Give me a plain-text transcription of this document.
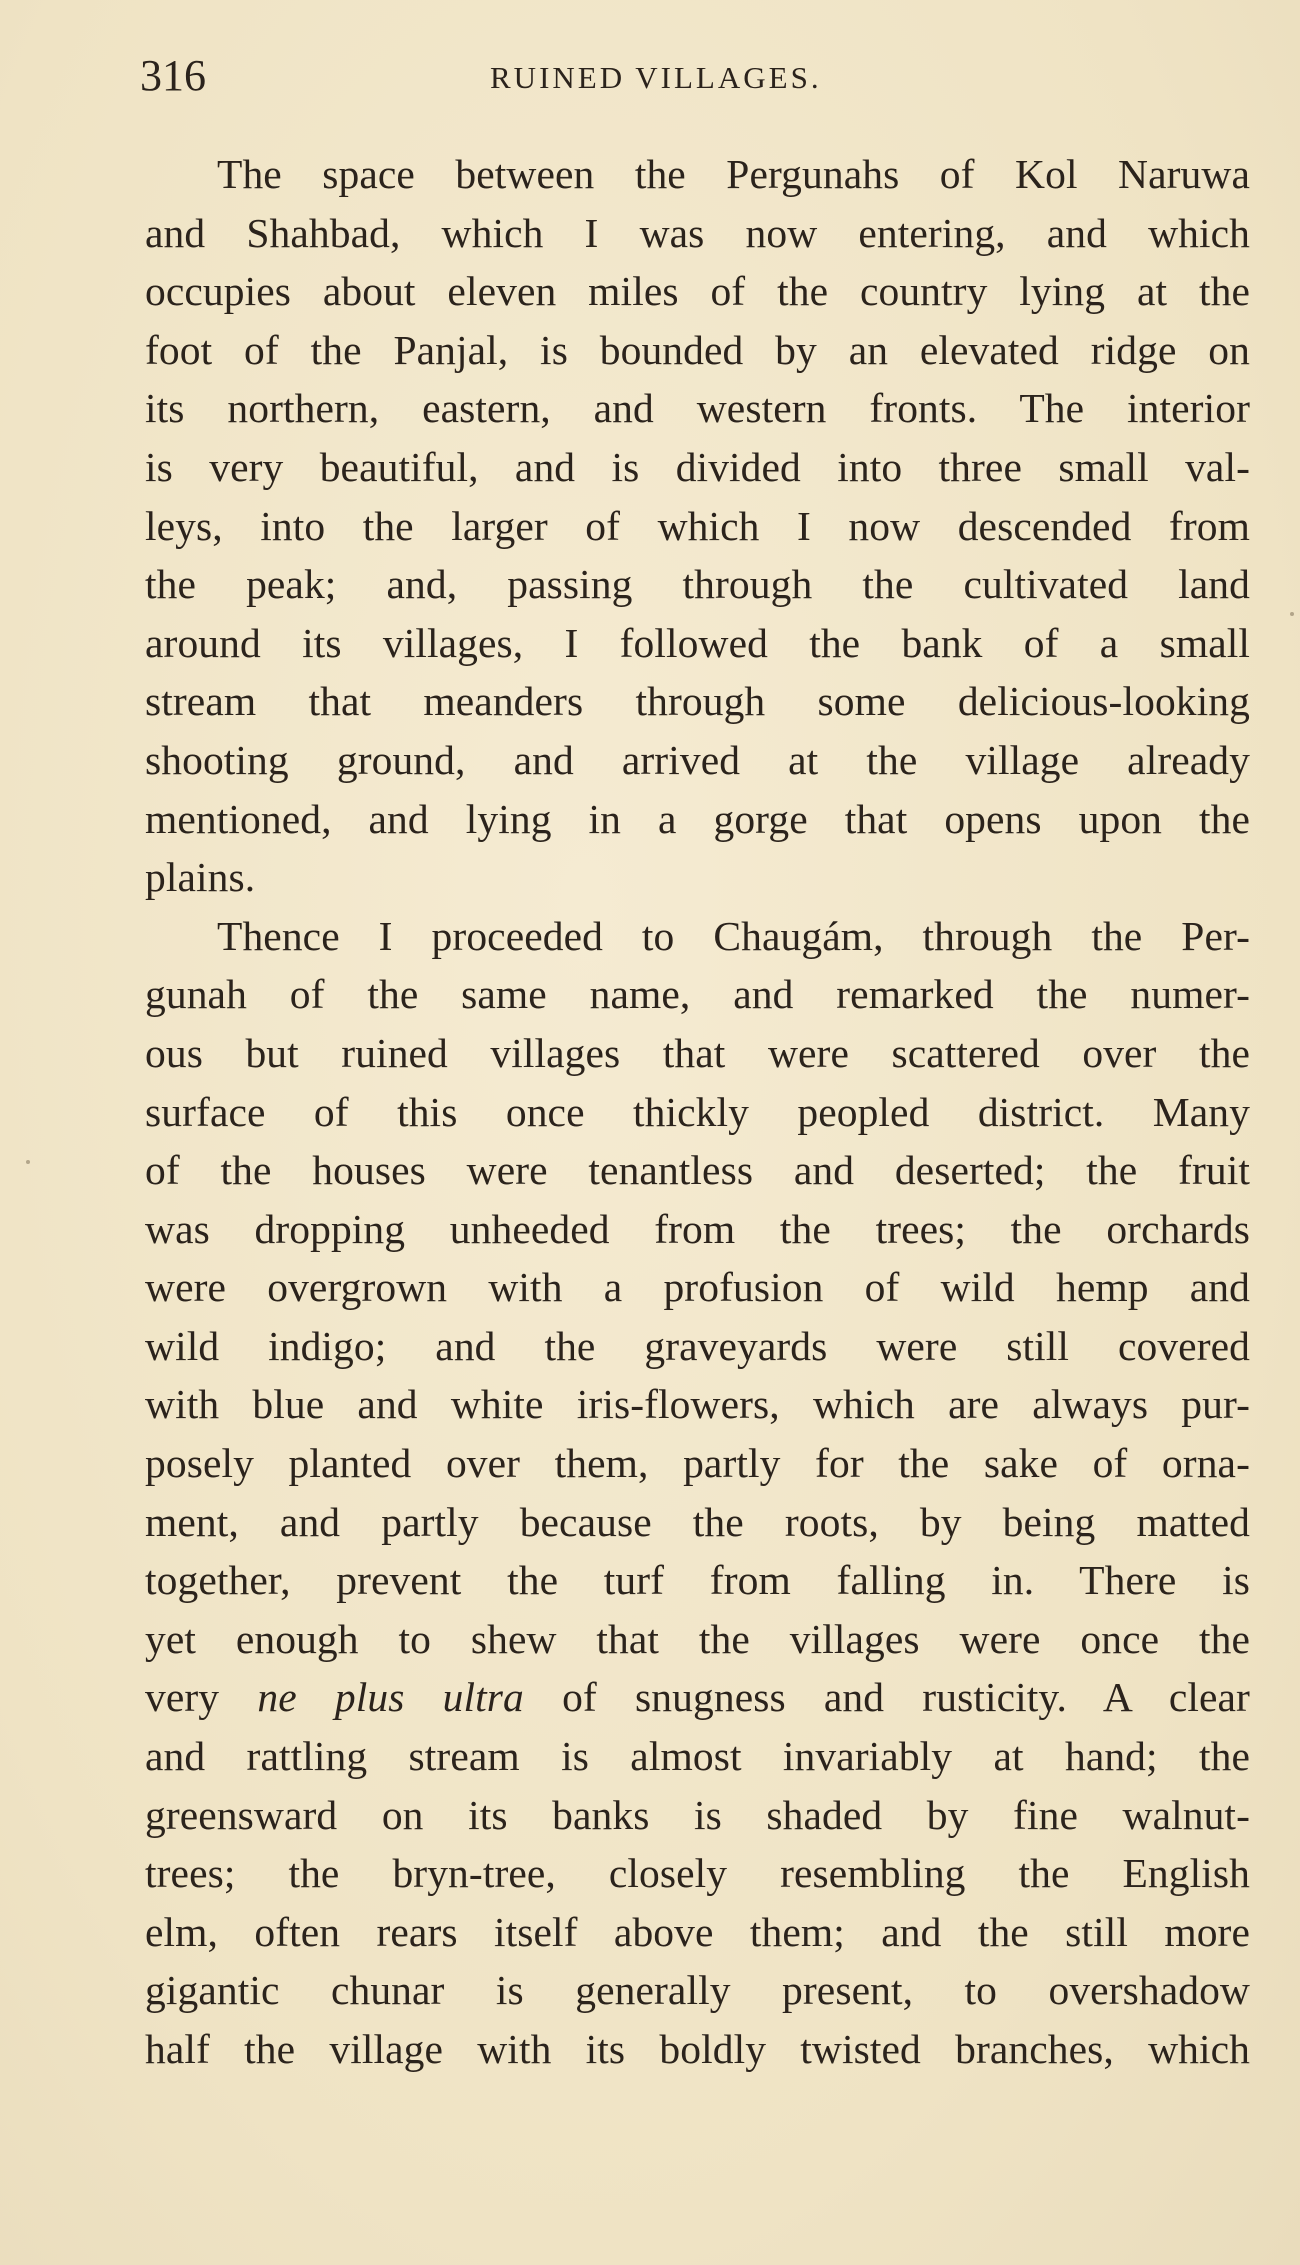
316	RUINED VILLAGES.
The space between the Pergunahs of Kol Naruwa
and Shahbad, which I was now entering, and which
occupies about eleven miles of the country lying at the
foot of the Panjal, is bounded by an elevated ridge on
its northern, eastern, and western fronts. The interior
is very beautiful, and is divided into three small val-
leys, into the larger of which I now descended from
the peak; and, passing through the cultivated land
around its villages, I followed the bank of a small
stream that meanders through some delicious-looking
shooting ground, and arrived at the village already
mentioned, and lying in a gorge that opens upon the
plains.
Thence I proceeded to Chaugám, through the Per-
gunah of the same name, and remarked the numer-
ous but ruined villages that were scattered over the
surface of this once thickly peopled district. Many
of the houses were tenantless and deserted; the fruit
was dropping unheeded from the trees; the orchards
were overgrown with a profusion of wild hemp and
wild indigo; and the graveyards were still covered
with blue and white iris-flowers, which are always pur-
posely planted over them, partly for the sake of orna-
ment, and partly because the roots, by being matted
together, prevent the turf from falling in. There is
yet enough to shew that the villages were once the
very ne plus ultra of snugness and rusticity. A clear
and rattling stream is almost invariably at hand; the
greensward on its banks is shaded by fine walnut-
trees; the bryn-tree, closely resembling the English
elm, often rears itself above them; and the still more
gigantic chunar is generally present, to overshadow
half the village with its boldly twisted branches, which
